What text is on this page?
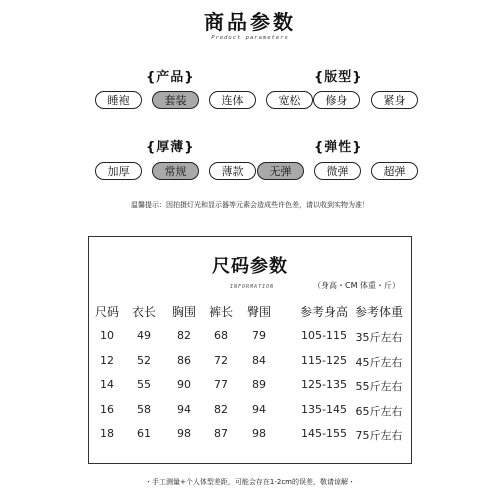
商品参数
Product parameters
{产品}
睡袍	套装	连体	宽松
{版型}
修身	紧身
{厚薄}
加厚	常规	薄款
{弹性}
无弹	微弹	超弹
温馨提示：因拍摄灯光和显示器等元素会造成些许色差，请以收到实物为准！
尺码参数
INFORMATION	（身高・CM 体重・斤）
尺码	衣长	胸围	裤长	臀围	参考身高 参考体重
10	49	82	68	79	105-115 35斤左右
12	52	86	72	84	115-125 45斤左右
14	55	90	77	89	125-135 55斤左右
16	58	94	82	94	135-145 65斤左右
18	61	98	87	98	145-155 75斤左右
・手工测量+个人体型差距，可能会存在1-2cm的误差，敬请谅解・
